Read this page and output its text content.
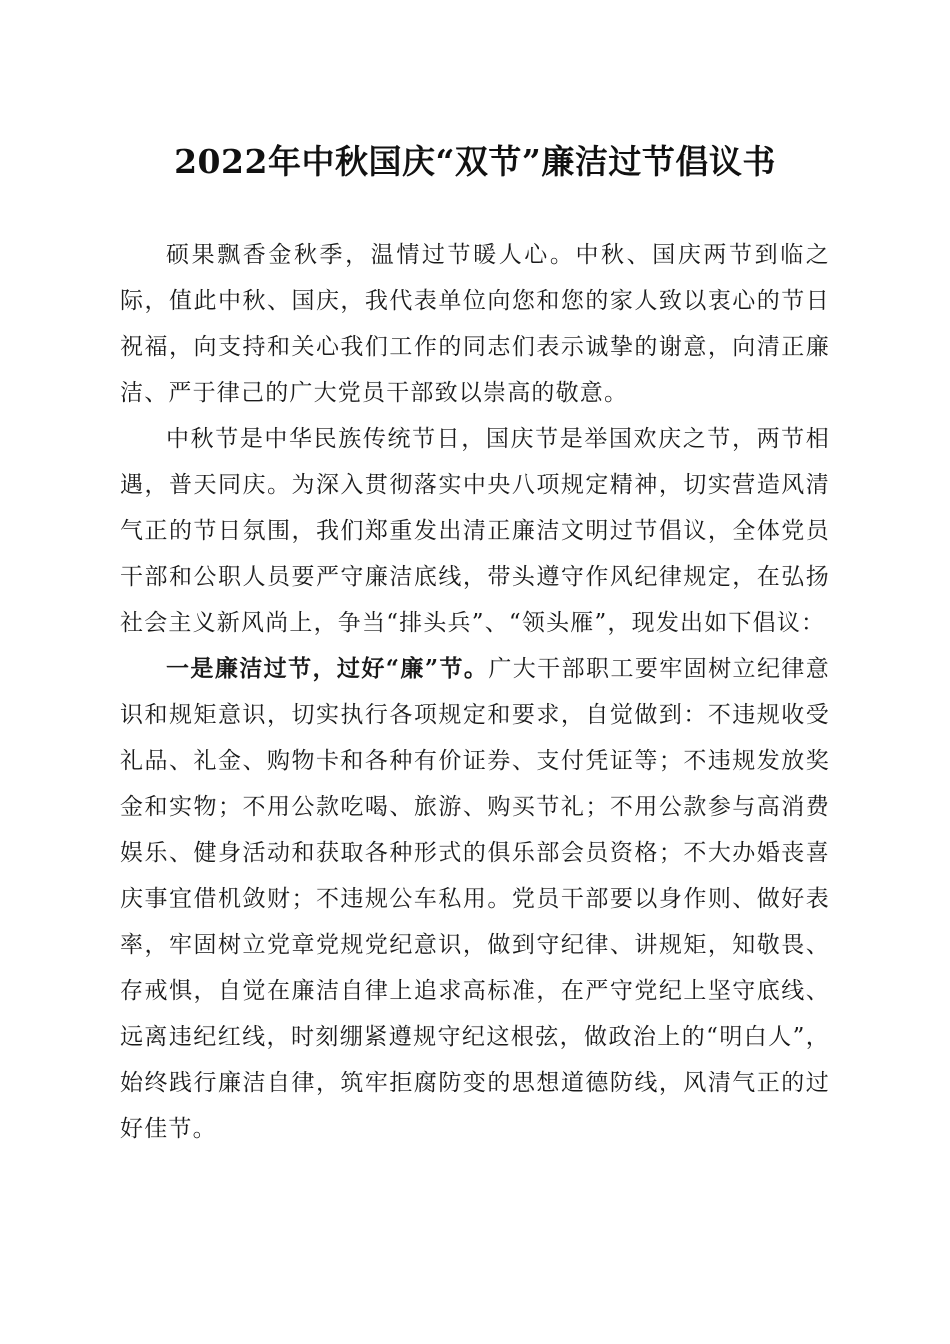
2022年中秋国庆“双节”廉洁过节倡议书

硕果飘香金秋季，温情过节暖人心。中秋、国庆两节到临之际，值此中秋、国庆，我代表单位向您和您的家人致以衷心的节日祝福，向支持和关心我们工作的同志们表示诚挚的谢意，向清正廉洁、严于律己的广大党员干部致以崇高的敬意。

中秋节是中华民族传统节日，国庆节是举国欢庆之节，两节相遇，普天同庆。为深入贯彻落实中央八项规定精神，切实营造风清气正的节日氛围，我们郑重发出清正廉洁文明过节倡议，全体党员干部和公职人员要严守廉洁底线，带头遵守作风纪律规定，在弘扬社会主义新风尚上，争当“排头兵”、“领头雁”，现发出如下倡议：

一是廉洁过节，过好“廉”节。广大干部职工要牢固树立纪律意识和规矩意识，切实执行各项规定和要求，自觉做到：不违规收受礼品、礼金、购物卡和各种有价证券、支付凭证等；不违规发放奖金和实物；不用公款吃喝、旅游、购买节礼；不用公款参与高消费娱乐、健身活动和获取各种形式的俱乐部会员资格；不大办婚丧喜庆事宜借机敛财；不违规公车私用。党员干部要以身作则、做好表率，牢固树立党章党规党纪意识，做到守纪律、讲规矩，知敬畏、存戒惧，自觉在廉洁自律上追求高标准，在严守党纪上坚守底线、远离违纪红线，时刻绷紧遵规守纪这根弦，做政治上的“明白人”，始终践行廉洁自律，筑牢拒腐防变的思想道德防线，风清气正的过好佳节。
